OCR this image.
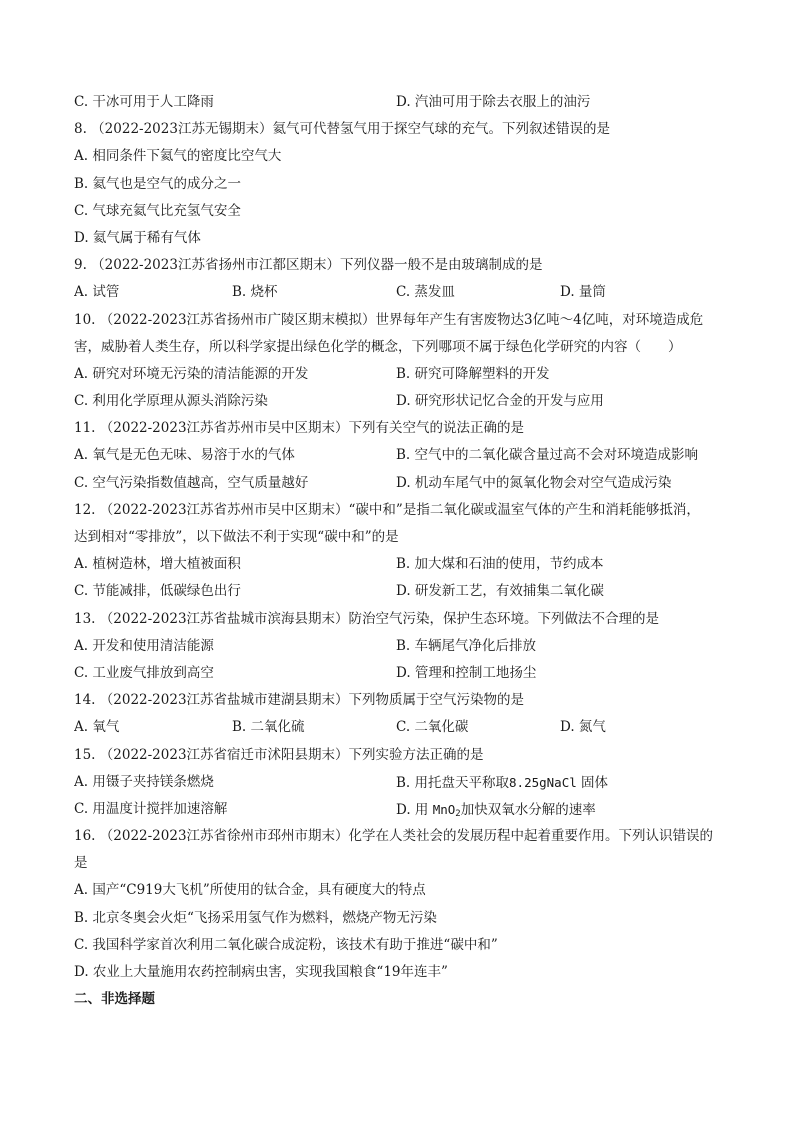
C. 干冰可用于人工降雨	D. 汽油可用于除去衣服上的油污
8. （2022-2023江苏无锡期末）氦气可代替氢气用于探空气球的充气。下列叙述错误的是
A. 相同条件下氦气的密度比空气大
B. 氦气也是空气的成分之一
C. 气球充氦气比充氢气安全
D. 氦气属于稀有气体
9. （2022-2023江苏省扬州市江都区期末）下列仪器一般不是由玻璃制成的是
A. 试管	B. 烧杯	C. 蒸发皿	D. 量筒
10. （2022-2023江苏省扬州市广陵区期末模拟）世界每年产生有害废物达3亿吨～4亿吨，对环境造成危
害，威胁着人类生存，所以科学家提出绿色化学的概念，下列哪项不属于绿色化学研究的内容（　　）
A. 研究对环境无污染的清洁能源的开发	B. 研究可降解塑料的开发
C. 利用化学原理从源头消除污染	D. 研究形状记忆合金的开发与应用
11. （2022-2023江苏省苏州市吴中区期末）下列有关空气的说法正确的是
A. 氧气是无色无味、易溶于水的气体	B. 空气中的二氧化碳含量过高不会对环境造成影响
C. 空气污染指数值越高，空气质量越好	D. 机动车尾气中的氮氧化物会对空气造成污染
12. （2022-2023江苏省苏州市吴中区期末）“碳中和”是指二氧化碳或温室气体的产生和消耗能够抵消，
达到相对“零排放”，以下做法不利于实现“碳中和”的是
A. 植树造林，增大植被面积	B. 加大煤和石油的使用，节约成本
C. 节能减排，低碳绿色出行	D. 研发新工艺，有效捕集二氧化碳
13. （2022-2023江苏省盐城市滨海县期末）防治空气污染，保护生态环境。下列做法不合理的是
A. 开发和使用清洁能源	B. 车辆尾气净化后排放
C. 工业废气排放到高空	D. 管理和控制工地扬尘
14. （2022-2023江苏省盐城市建湖县期末）下列物质属于空气污染物的是
A. 氧气	B. 二氧化硫	C. 二氧化碳	D. 氮气
15. （2022-2023江苏省宿迁市沭阳县期末）下列实验方法正确的是
A. 用镊子夹持镁条燃烧	B. 用托盘天平称取8.25gNaCl 固体
C. 用温度计搅拌加速溶解	D. 用 MnO$_2$加快双氧水分解的速率
16. （2022-2023江苏省徐州市邳州市期末）化学在人类社会的发展历程中起着重要作用。下列认识错误的
是
A. 国产“C919大飞机”所使用的钛合金，具有硬度大的特点
B. 北京冬奥会火炬“飞扬采用氢气作为燃料，燃烧产物无污染
C. 我国科学家首次利用二氧化碳合成淀粉，该技术有助于推进“碳中和”
D. 农业上大量施用农药控制病虫害，实现我国粮食“19年连丰”
二、非选择题
